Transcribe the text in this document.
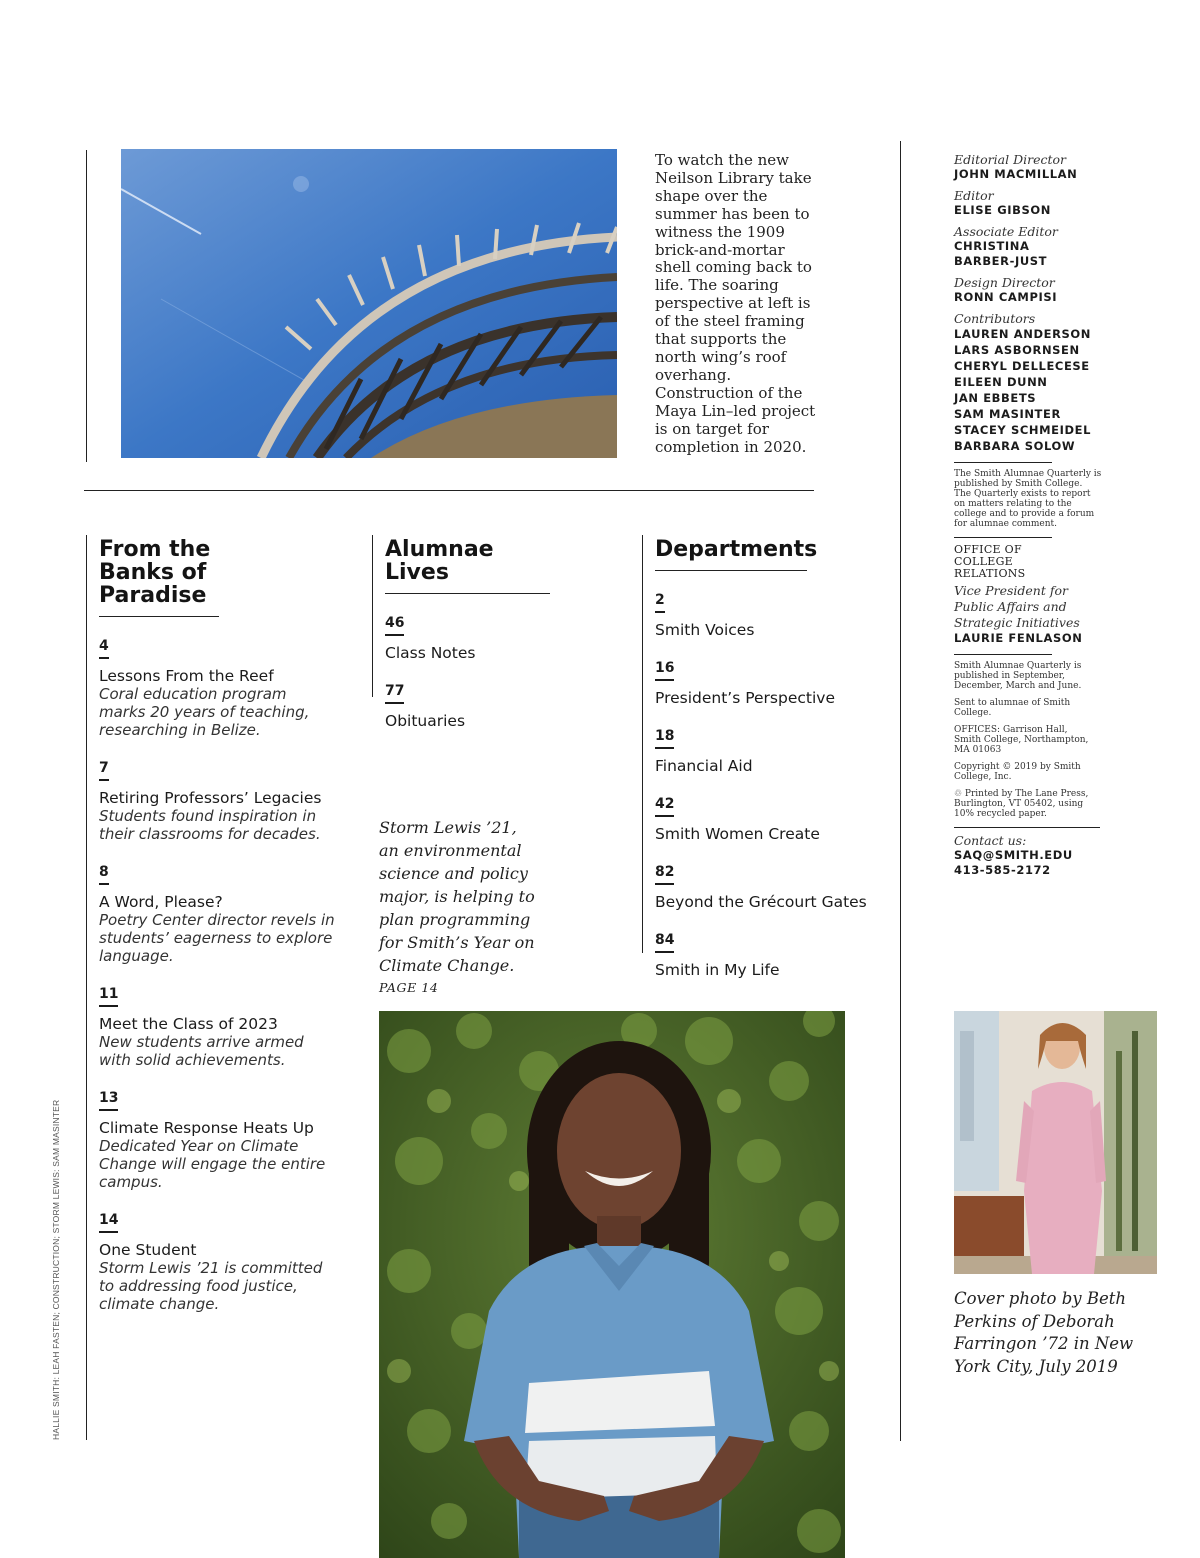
To watch the new Neilson Library take shape over the summer has been to witness the 1909 brick-and-mortar shell coming back to life. The soaring perspective at left is of the steel framing that supports the north wing’s roof overhang. Construction of the Maya Lin–led project is on target for completion in 2020.
From the Banks of Paradise
4
Lessons From the Reef
Coral education program marks 20 years of teaching, researching in Belize.
7
Retiring Professors’ Legacies
Students found inspiration in their classrooms for decades.
8
A Word, Please?
Poetry Center director revels in students’ eagerness to explore language.
11
Meet the Class of 2023
New students arrive armed with solid achievements.
13
Climate Response Heats Up
Dedicated Year on Climate Change will engage the entire campus.
14
One Student
Storm Lewis ’21 is committed to addressing food justice, climate change.
Alumnae Lives
46
Class Notes
77
Obituaries
Departments
2
Smith Voices
16
President’s Perspective
18
Financial Aid
42
Smith Women Create
82
Beyond the Grécourt Gates
84
Smith in My Life
Editorial Director
JOHN MACMILLAN
Editor
ELISE GIBSON
Associate Editor
CHRISTINA BARBER-JUST
Design Director
RONN CAMPISI
Contributors
LAUREN ANDERSON
LARS ASBORNSEN
CHERYL DELLECESE
EILEEN DUNN
JAN EBBETS
SAM MASINTER
STACEY SCHMEIDEL
BARBARA SOLOW
The Smith Alumnae Quarterly is published by Smith College. The Quarterly exists to report on matters relating to the college and to provide a forum for alumnae comment.
OFFICE OF COLLEGE RELATIONS
Vice President for Public Affairs and Strategic Initiatives
LAURIE FENLASON
Smith Alumnae Quarterly is published in September, December, March and June.
Sent to alumnae of Smith College.
OFFICES: Garrison Hall, Smith College, Northampton, MA 01063
Copyright © 2019 by Smith College, Inc.
♲ Printed by The Lane Press, Burlington, VT 05402, using 10% recycled paper.
Contact us:
SAQ@SMITH.EDU
413-585-2172
Storm Lewis ’21, an environmental science and policy major, is helping to plan programming for Smith’s Year on Climate Change.
PAGE 14
Cover photo by Beth Perkins of Deborah Farringon ’72 in New York City, July 2019
HALLIE SMITH: LEAH FASTEN; CONSTRUCTION; STORM LEWIS: SAM MASINTER
